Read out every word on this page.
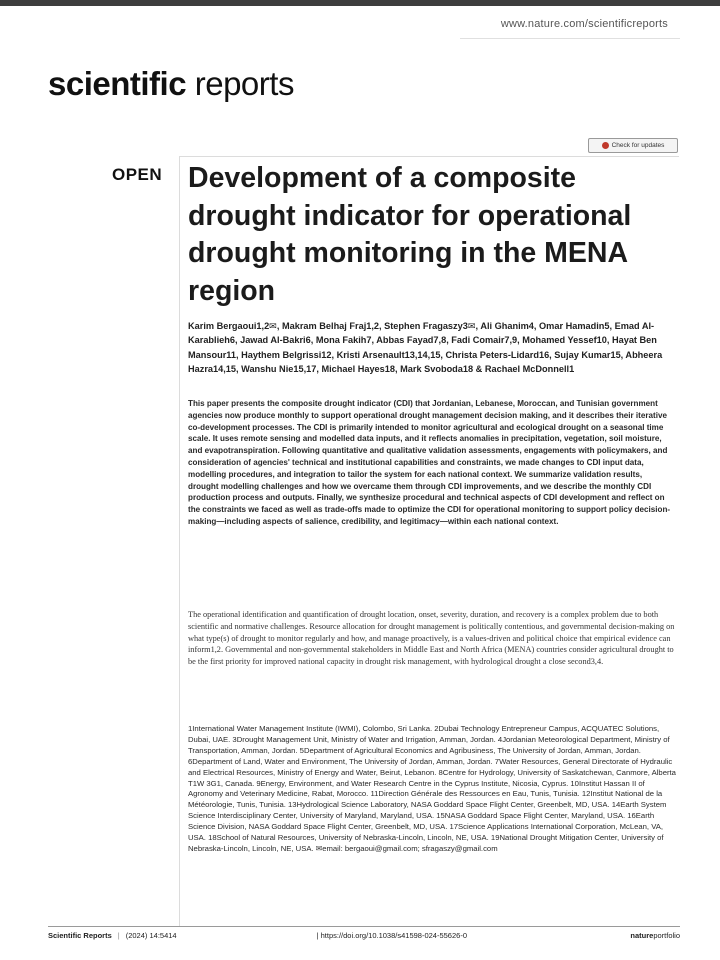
www.nature.com/scientificreports
scientific reports
Check for updates
OPEN Development of a composite drought indicator for operational drought monitoring in the MENA region
Karim Bergaoui1,2✉, Makram Belhaj Fraj1,2, Stephen Fragaszy3✉, Ali Ghanim4, Omar Hamadin5, Emad Al-Karablieh6, Jawad Al-Bakri6, Mona Fakih7, Abbas Fayad7,8, Fadi Comair7,9, Mohamed Yessef10, Hayat Ben Mansour11, Haythem Belgrissi12, Kristi Arsenault13,14,15, Christa Peters-Lidard16, Sujay Kumar15, Abheera Hazra14,15, Wanshu Nie15,17, Michael Hayes18, Mark Svoboda18 & Rachael McDonnell1

This paper presents the composite drought indicator (CDI) that Jordanian, Lebanese, Moroccan, and Tunisian government agencies now produce monthly to support operational drought management decision making, and it describes their iterative co-development processes. The CDI is primarily intended to monitor agricultural and ecological drought on a seasonal time scale. It uses remote sensing and modelled data inputs, and it reflects anomalies in precipitation, vegetation, soil moisture, and evapotranspiration. Following quantitative and qualitative validation assessments, engagements with policymakers, and consideration of agencies' technical and institutional capabilities and constraints, we made changes to CDI input data, modelling procedures, and integration to tailor the system for each national context. We summarize validation results, drought modelling challenges and how we overcame them through CDI improvements, and we describe the monthly CDI production process and outputs. Finally, we synthesize procedural and technical aspects of CDI development and reflect on the constraints we faced as well as trade-offs made to optimize the CDI for operational monitoring to support policy decision-making—including aspects of salience, credibility, and legitimacy—within each national context.

The operational identification and quantification of drought location, onset, severity, duration, and recovery is a complex problem due to both scientific and normative challenges. Resource allocation for drought management is politically contentious, and governmental decision-making on what type(s) of drought to monitor regularly and how, and manage proactively, is a values-driven and political choice that empirical evidence can inform1,2. Governmental and non-governmental stakeholders in Middle East and North Africa (MENA) countries consider agricultural drought to be the first priority for improved national capacity in drought risk management, with hydrological drought a close second3,4.

1International Water Management Institute (IWMI), Colombo, Sri Lanka. 2Dubai Technology Entrepreneur Campus, ACQUATEC Solutions, Dubai, UAE. 3Drought Management Unit, Ministry of Water and Irrigation, Amman, Jordan. 4Jordanian Meteorological Department, Ministry of Transportation, Amman, Jordan. 5Department of Agricultural Economics and Agribusiness, The University of Jordan, Amman, Jordan. 6Department of Land, Water and Environment, The University of Jordan, Amman, Jordan. 7Water Resources, General Directorate of Hydraulic and Electrical Resources, Ministry of Energy and Water, Beirut, Lebanon. 8Centre for Hydrology, University of Saskatchewan, Canmore, Alberta T1W 3G1, Canada. 9Energy, Environment, and Water Research Centre in the Cyprus Institute, Nicosia, Cyprus. 10Institut Hassan II of Agronomy and Veterinary Medicine, Rabat, Morocco. 11Direction Générale des Ressources en Eau, Tunis, Tunisia. 12Institut National de la Météorologie, Tunis, Tunisia. 13Hydrological Science Laboratory, NASA Goddard Space Flight Center, Greenbelt, MD, USA. 14Earth System Science Interdisciplinary Center, University of Maryland, Maryland, USA. 15NASA Goddard Space Flight Center, Maryland, USA. 16Earth Science Division, NASA Goddard Space Flight Center, Greenbelt, MD, USA. 17Science Applications International Corporation, McLean, VA, USA. 18School of Natural Resources, University of Nebraska-Lincoln, Lincoln, NE, USA. 19National Drought Mitigation Center, University of Nebraska-Lincoln, Lincoln, NE, USA. ✉email: bergaoui@gmail.com; sfragaszy@gmail.com

Scientific Reports | (2024) 14:5414	| https://doi.org/10.1038/s41598-024-55626-0	natureportfolio
